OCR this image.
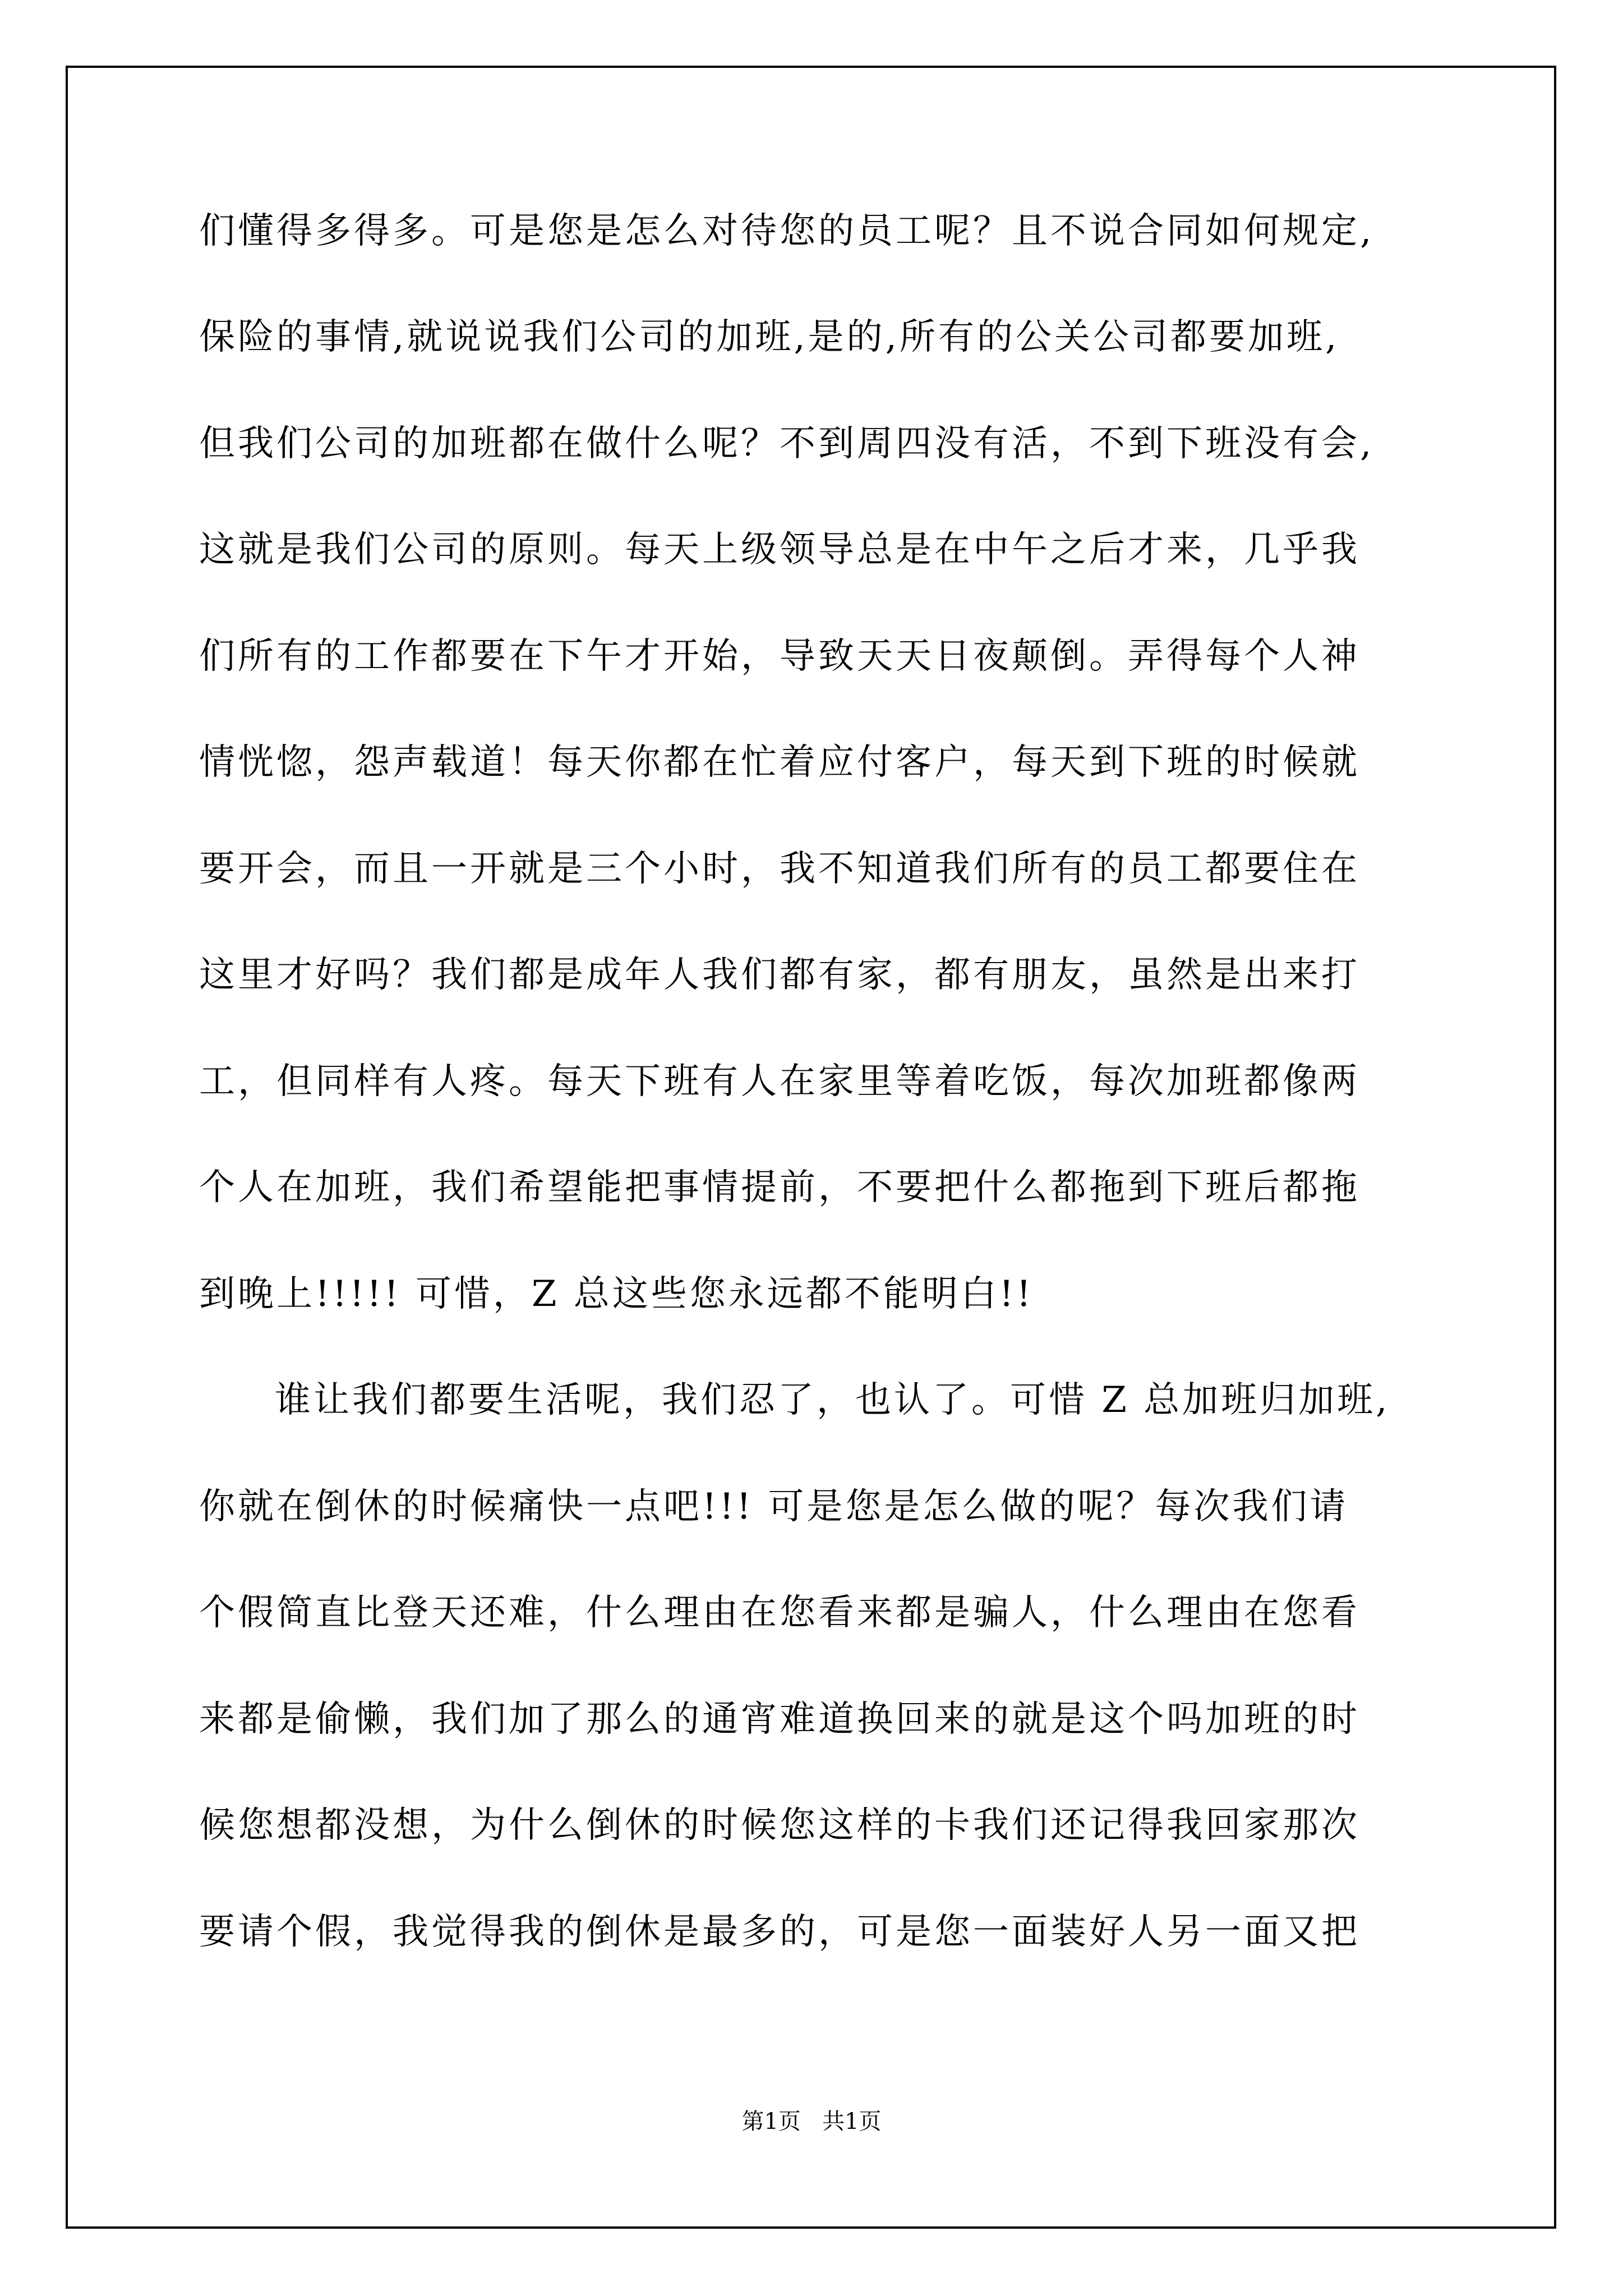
们懂得多得多。可是您是怎么对待您的员工呢？且不说合同如何规定,
保险的事情,就说说我们公司的加班,是的,所有的公关公司都要加班,
但我们公司的加班都在做什么呢？不到周四没有活，不到下班没有会,
这就是我们公司的原则。每天上级领导总是在中午之后才来，几乎我
们所有的工作都要在下午才开始，导致天天日夜颠倒。弄得每个人神
情恍惚，怨声载道！每天你都在忙着应付客户，每天到下班的时候就
要开会，而且一开就是三个小时，我不知道我们所有的员工都要住在
这里才好吗？我们都是成年人我们都有家，都有朋友，虽然是出来打
工，但同样有人疼。每天下班有人在家里等着吃饭，每次加班都像两
个人在加班，我们希望能把事情提前，不要把什么都拖到下班后都拖
到晚上!!!!! 可惜，Z 总这些您永远都不能明白!!
谁让我们都要生活呢，我们忍了，也认了。可惜 Z 总加班归加班,
你就在倒休的时候痛快一点吧!!! 可是您是怎么做的呢？每次我们请
个假简直比登天还难，什么理由在您看来都是骗人，什么理由在您看
来都是偷懒，我们加了那么的通宵难道换回来的就是这个吗加班的时
候您想都没想，为什么倒休的时候您这样的卡我们还记得我回家那次
要请个假，我觉得我的倒休是最多的，可是您一面装好人另一面又把
第1页   共1页
